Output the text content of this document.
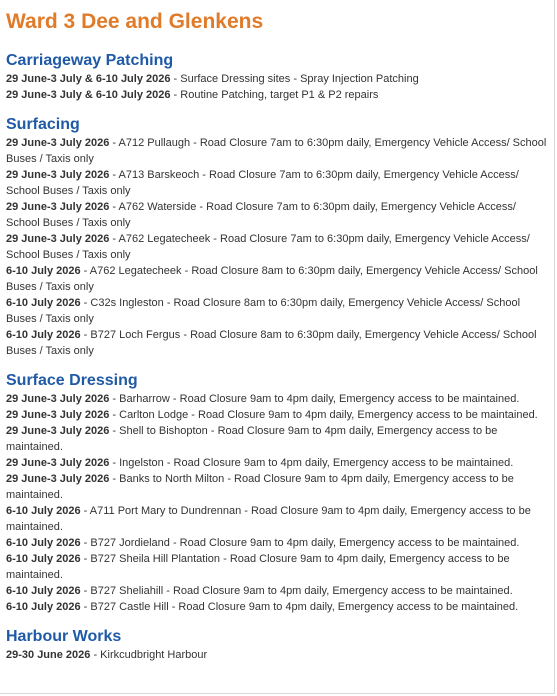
Ward 3 Dee and Glenkens
Carriageway Patching
29 June-3 July & 6-10 July 2026 - Surface Dressing sites - Spray Injection Patching
29 June-3 July & 6-10 July 2026 - Routine Patching, target P1 & P2 repairs
Surfacing
29 June-3 July 2026 - A712 Pullaugh - Road Closure 7am to 6:30pm daily, Emergency Vehicle Access/ School Buses / Taxis only
29 June-3 July 2026 - A713 Barskeoch - Road Closure 7am to 6:30pm daily, Emergency Vehicle Access/ School Buses / Taxis only
29 June-3 July 2026 - A762 Waterside - Road Closure 7am to 6:30pm daily, Emergency Vehicle Access/ School Buses / Taxis only
29 June-3 July 2026 - A762 Legatecheek - Road Closure 7am to 6:30pm daily, Emergency Vehicle Access/ School Buses / Taxis only
6-10 July 2026 - A762 Legatecheek - Road Closure 8am to 6:30pm daily, Emergency Vehicle Access/ School Buses / Taxis only
6-10 July 2026 - C32s Ingleston - Road Closure 8am to 6:30pm daily, Emergency Vehicle Access/ School Buses / Taxis only
6-10 July 2026 - B727 Loch Fergus - Road Closure 8am to 6:30pm daily, Emergency Vehicle Access/ School Buses / Taxis only
Surface Dressing
29 June-3 July 2026 - Barharrow - Road Closure 9am to 4pm daily, Emergency access to be maintained.
29 June-3 July 2026 - Carlton Lodge - Road Closure 9am to 4pm daily, Emergency access to be maintained.
29 June-3 July 2026 - Shell to Bishopton - Road Closure 9am to 4pm daily, Emergency access to be maintained.
29 June-3 July 2026 - Ingelston - Road Closure 9am to 4pm daily, Emergency access to be maintained.
29 June-3 July 2026 - Banks to North Milton - Road Closure 9am to 4pm daily, Emergency access to be maintained.
6-10 July 2026 - A711 Port Mary to Dundrennan - Road Closure 9am to 4pm daily, Emergency access to be maintained.
6-10 July 2026 - B727 Jordieland - Road Closure 9am to 4pm daily, Emergency access to be maintained.
6-10 July 2026 - B727 Sheila Hill Plantation - Road Closure 9am to 4pm daily, Emergency access to be maintained.
6-10 July 2026 - B727 Sheliahill - Road Closure 9am to 4pm daily, Emergency access to be maintained.
6-10 July 2026 - B727 Castle Hill - Road Closure 9am to 4pm daily, Emergency access to be maintained.
Harbour Works
29-30 June 2026 - Kirkcudbright Harbour
